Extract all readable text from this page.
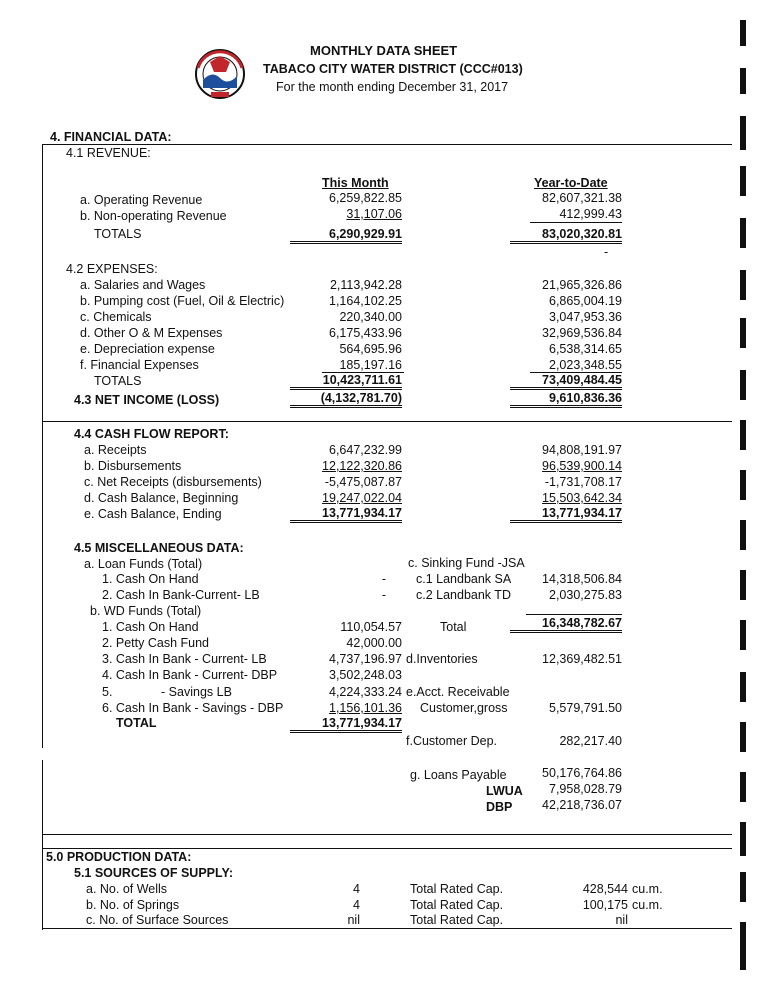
MONTHLY DATA SHEET
TABACO CITY WATER DISTRICT (CCC#013)
For the month ending December 31, 2017
4. FINANCIAL DATA:
4.1 REVENUE:
This Month	Year-to-Date
a. Operating Revenue	6,259,822.85	82,607,321.38
b. Non-operating Revenue	31,107.06	412,999.43
TOTALS	6,290,929.91	83,020,320.81
-
4.2 EXPENSES:
a. Salaries and Wages	2,113,942.28	21,965,326.86
b. Pumping cost (Fuel, Oil & Electric)	1,164,102.25	6,865,004.19
c. Chemicals	220,340.00	3,047,953.36
d. Other O & M Expenses	6,175,433.96	32,969,536.84
e. Depreciation expense	564,695.96	6,538,314.65
f. Financial Expenses	185,197.16	2,023,348.55
TOTALS	10,423,711.61	73,409,484.45
4.3 NET INCOME (LOSS)	(4,132,781.70)	9,610,836.36
4.4 CASH FLOW REPORT:
a. Receipts	6,647,232.99	94,808,191.97
b. Disbursements	12,122,320.86	96,539,900.14
c. Net Receipts (disbursements)	-5,475,087.87	-1,731,708.17
d. Cash Balance, Beginning	19,247,022.04	15,503,642.34
e. Cash Balance, Ending	13,771,934.17	13,771,934.17
4.5 MISCELLANEOUS DATA:
a. Loan Funds (Total)
1. Cash On Hand	-
2. Cash In Bank-Current- LB	-
b. WD Funds (Total)
1. Cash On Hand	110,054.57
2. Petty Cash Fund	42,000.00
3. Cash In Bank - Current- LB	4,737,196.97
4. Cash In Bank - Current- DBP	3,502,248.03
5.              - Savings LB	4,224,333.24
6. Cash In Bank - Savings - DBP	1,156,101.36
TOTAL	13,771,934.17
c. Sinking Fund -JSA
c.1 Landbank SA	14,318,506.84
c.2 Landbank TD	2,030,275.83
Total	16,348,782.67
d.Inventories	12,369,482.51
e.Acct. Receivable
Customer,gross	5,579,791.50
f.Customer Dep.	282,217.40
g. Loans Payable	50,176,764.86
LWUA	7,958,028.79
DBP	42,218,736.07
5.0 PRODUCTION DATA:
5.1 SOURCES OF SUPPLY:
a. No. of Wells	4	Total Rated Cap.	428,544 cu.m.
b. No. of Springs	4	Total Rated Cap.	100,175 cu.m.
c. No. of Surface Sources	nil	Total Rated Cap.	nil
